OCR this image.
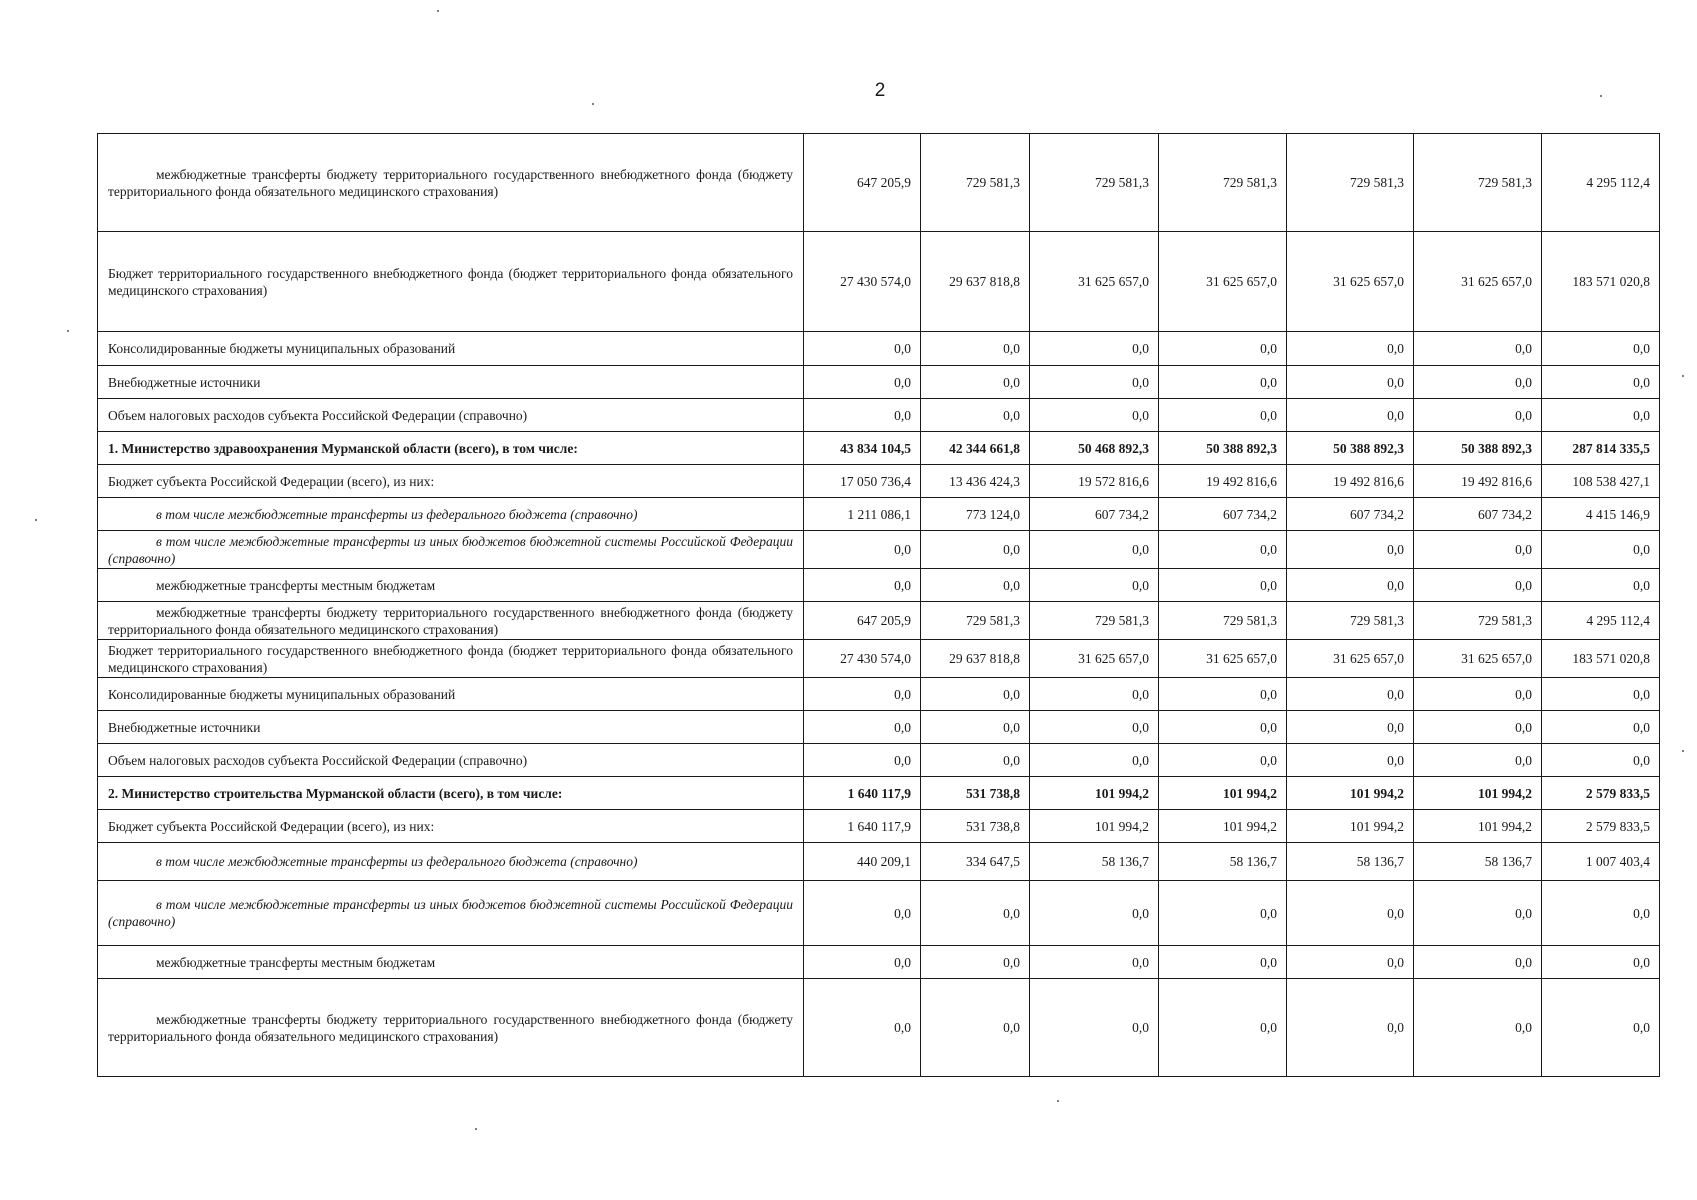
2
межбюджетные трансферты бюджету территориального государственного внебюджетного фонда (бюджету территориального фонда обязательного медицинского страхования)	647 205,9	729 581,3	729 581,3	729 581,3	729 581,3	729 581,3	4 295 112,4
Бюджет территориального государственного внебюджетного фонда (бюджет территориального фонда обязательного медицинского страхования)	27 430 574,0	29 637 818,8	31 625 657,0	31 625 657,0	31 625 657,0	31 625 657,0	183 571 020,8
Консолидированные бюджеты муниципальных образований	0,0	0,0	0,0	0,0	0,0	0,0	0,0
Внебюджетные источники	0,0	0,0	0,0	0,0	0,0	0,0	0,0
Объем налоговых расходов субъекта Российской Федерации (справочно)	0,0	0,0	0,0	0,0	0,0	0,0	0,0
1. Министерство здравоохранения Мурманской области (всего), в том числе:	43 834 104,5	42 344 661,8	50 468 892,3	50 388 892,3	50 388 892,3	50 388 892,3	287 814 335,5
Бюджет субъекта Российской Федерации (всего), из них:	17 050 736,4	13 436 424,3	19 572 816,6	19 492 816,6	19 492 816,6	19 492 816,6	108 538 427,1
в том числе межбюджетные трансферты из федерального бюджета (справочно)	1 211 086,1	773 124,0	607 734,2	607 734,2	607 734,2	607 734,2	4 415 146,9
в том числе межбюджетные трансферты из иных бюджетов бюджетной системы Российской Федерации (справочно)	0,0	0,0	0,0	0,0	0,0	0,0	0,0
межбюджетные трансферты местным бюджетам	0,0	0,0	0,0	0,0	0,0	0,0	0,0
межбюджетные трансферты бюджету территориального государственного внебюджетного фонда (бюджету территориального фонда обязательного медицинского страхования)	647 205,9	729 581,3	729 581,3	729 581,3	729 581,3	729 581,3	4 295 112,4
Бюджет территориального государственного внебюджетного фонда (бюджет территориального фонда обязательного медицинского страхования)	27 430 574,0	29 637 818,8	31 625 657,0	31 625 657,0	31 625 657,0	31 625 657,0	183 571 020,8
Консолидированные бюджеты муниципальных образований	0,0	0,0	0,0	0,0	0,0	0,0	0,0
Внебюджетные источники	0,0	0,0	0,0	0,0	0,0	0,0	0,0
Объем налоговых расходов субъекта Российской Федерации (справочно)	0,0	0,0	0,0	0,0	0,0	0,0	0,0
2. Министерство строительства Мурманской области (всего), в том числе:	1 640 117,9	531 738,8	101 994,2	101 994,2	101 994,2	101 994,2	2 579 833,5
Бюджет субъекта Российской Федерации (всего), из них:	1 640 117,9	531 738,8	101 994,2	101 994,2	101 994,2	101 994,2	2 579 833,5
в том числе межбюджетные трансферты из федерального бюджета (справочно)	440 209,1	334 647,5	58 136,7	58 136,7	58 136,7	58 136,7	1 007 403,4
в том числе межбюджетные трансферты из иных бюджетов бюджетной системы Российской Федерации (справочно)	0,0	0,0	0,0	0,0	0,0	0,0	0,0
межбюджетные трансферты местным бюджетам	0,0	0,0	0,0	0,0	0,0	0,0	0,0
межбюджетные трансферты бюджету территориального государственного внебюджетного фонда (бюджету территориального фонда обязательного медицинского страхования)	0,0	0,0	0,0	0,0	0,0	0,0	0,0
